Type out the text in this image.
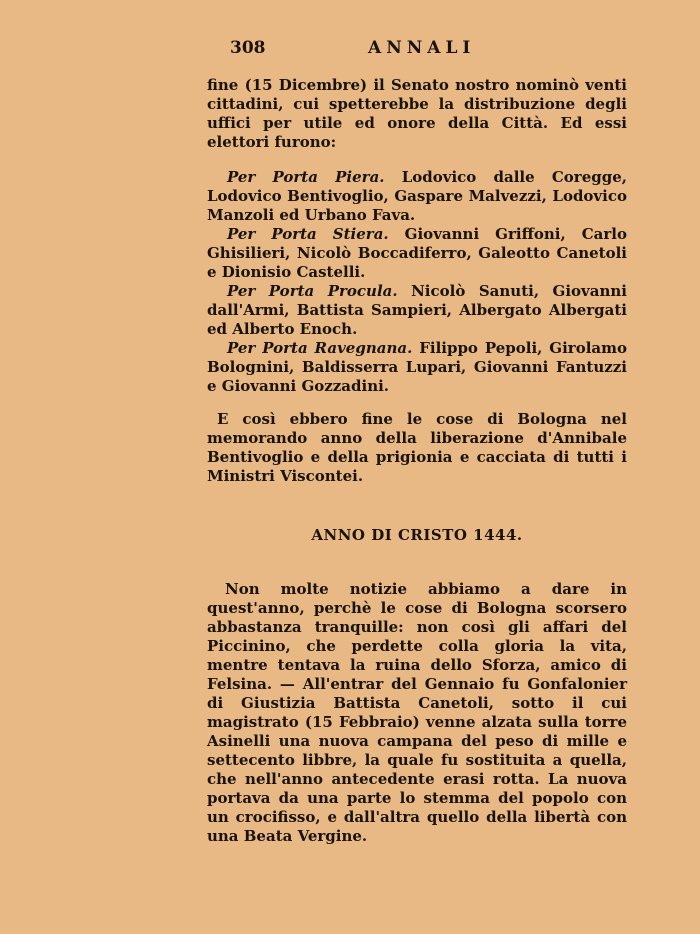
308	ANNALI

fine (15 Dicembre) il Senato nostro nominò venti cittadini, cui spetterebbe la distribuzione degli uffici per utile ed onore della Città. Ed essi elettori furono:

Per Porta Piera. Lodovico dalle Coregge, Lodovico Bentivoglio, Gaspare Malvezzi, Lodovico Manzoli ed Urbano Fava.

Per Porta Stiera. Giovanni Griffoni, Carlo Ghisilieri, Nicolò Boccadiferro, Galeotto Canetoli e Dionisio Castelli.

Per Porta Procula. Nicolò Sanuti, Giovanni dall'Armi, Battista Sampieri, Albergato Albergati ed Alberto Enoch.

Per Porta Ravegnana. Filippo Pepoli, Girolamo Bolognini, Baldisserra Lupari, Giovanni Fantuzzi e Giovanni Gozzadini.

E così ebbero fine le cose di Bologna nel memorando anno della liberazione d'Annibale Bentivoglio e della prigionia e cacciata di tutti i Ministri Viscontei.

ANNO DI CRISTO 1444.

Non molte notizie abbiamo a dare in quest'anno, perchè le cose di Bologna scorsero abbastanza tranquille: non così gli affari del Piccinino, che perdette colla gloria la vita, mentre tentava la ruina dello Sforza, amico di Felsina. — All'entrar del Gennaio fu Gonfalonier di Giustizia Battista Canetoli, sotto il cui magistrato (15 Febbraio) venne alzata sulla torre Asinelli una nuova campana del peso di mille e settecento libbre, la quale fu sostituita a quella, che nell'anno antecedente erasi rotta. La nuova portava da una parte lo stemma del popolo con un crocifisso, e dall'altra quello della libertà con una Beata Vergine.
